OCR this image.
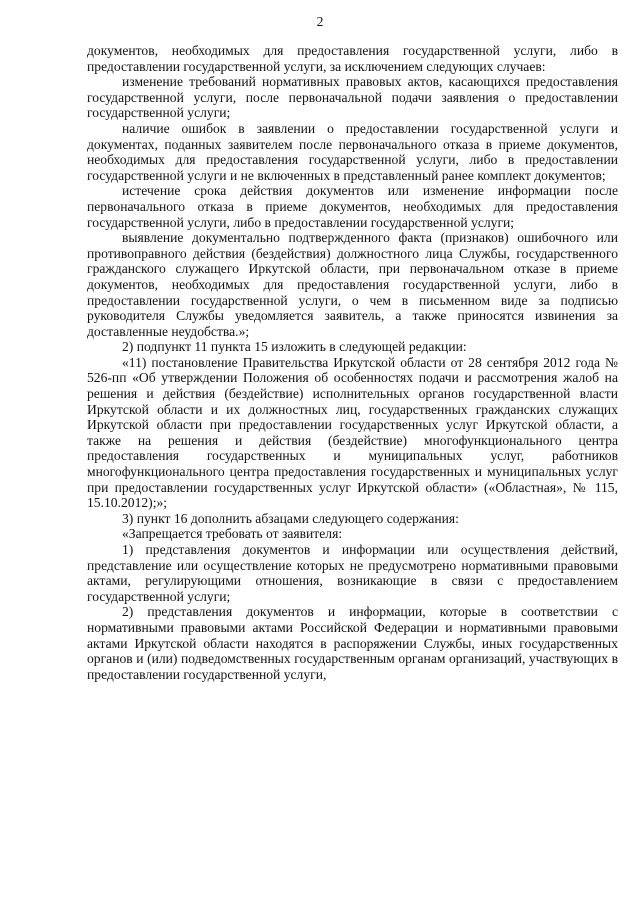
2

документов, необходимых для предоставления государственной услуги, либо в предоставлении государственной услуги, за исключением следующих случаев:

изменение требований нормативных правовых актов, касающихся предоставления государственной услуги, после первоначальной подачи заявления о предоставлении государственной услуги;

наличие ошибок в заявлении о предоставлении государственной услуги и документах, поданных заявителем после первоначального отказа в приеме документов, необходимых для предоставления государственной услуги, либо в предоставлении государственной услуги и не включенных в представленный ранее комплект документов;

истечение срока действия документов или изменение информации после первоначального отказа в приеме документов, необходимых для предоставления государственной услуги, либо в предоставлении государственной услуги;

выявление документально подтвержденного факта (признаков) ошибочного или противоправного действия (бездействия) должностного лица Службы, государственного гражданского служащего Иркутской области, при первоначальном отказе в приеме документов, необходимых для предоставления государственной услуги, либо в предоставлении государственной услуги, о чем в письменном виде за подписью руководителя Службы уведомляется заявитель, а также приносятся извинения за доставленные неудобства.»;

2) подпункт 11 пункта 15 изложить в следующей редакции:

«11) постановление Правительства Иркутской области от 28 сентября 2012 года № 526-пп «Об утверждении Положения об особенностях подачи и рассмотрения жалоб на решения и действия (бездействие) исполнительных органов государственной власти Иркутской области и их должностных лиц, государственных гражданских служащих Иркутской области при предоставлении государственных услуг Иркутской области, а также на решения и действия (бездействие) многофункционального центра предоставления государственных и муниципальных услуг, работников многофункционального центра предоставления государственных и муниципальных услуг при предоставлении государственных услуг Иркутской области» («Областная», № 115, 15.10.2012);»;

3) пункт 16 дополнить абзацами следующего содержания:

«Запрещается требовать от заявителя:

1) представления документов и информации или осуществления действий, представление или осуществление которых не предусмотрено нормативными правовыми актами, регулирующими отношения, возникающие в связи с предоставлением государственной услуги;

2) представления документов и информации, которые в соответствии с нормативными правовыми актами Российской Федерации и нормативными правовыми актами Иркутской области находятся в распоряжении Службы, иных государственных органов и (или) подведомственных государственным органам организаций, участвующих в предоставлении государственной услуги,
